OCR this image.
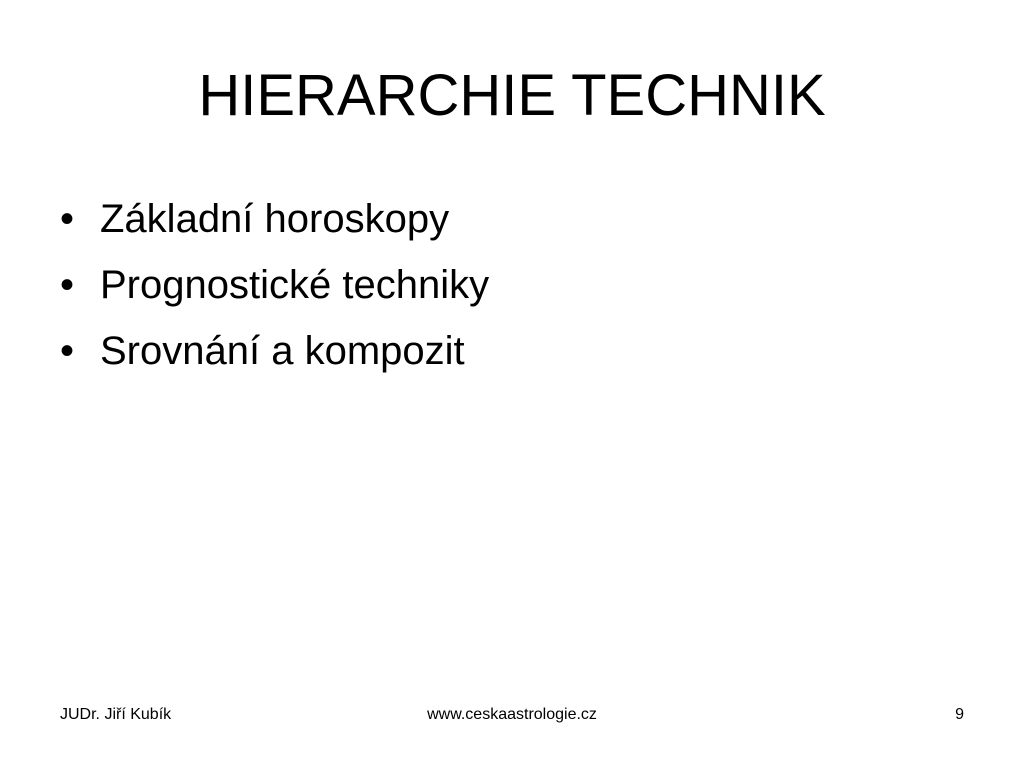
HIERARCHIE TECHNIK
• Základní horoskopy
• Prognostické techniky
• Srovnání a kompozit
www.ceskaastrologie.cz
JUDr. Jiří Kubík	9
